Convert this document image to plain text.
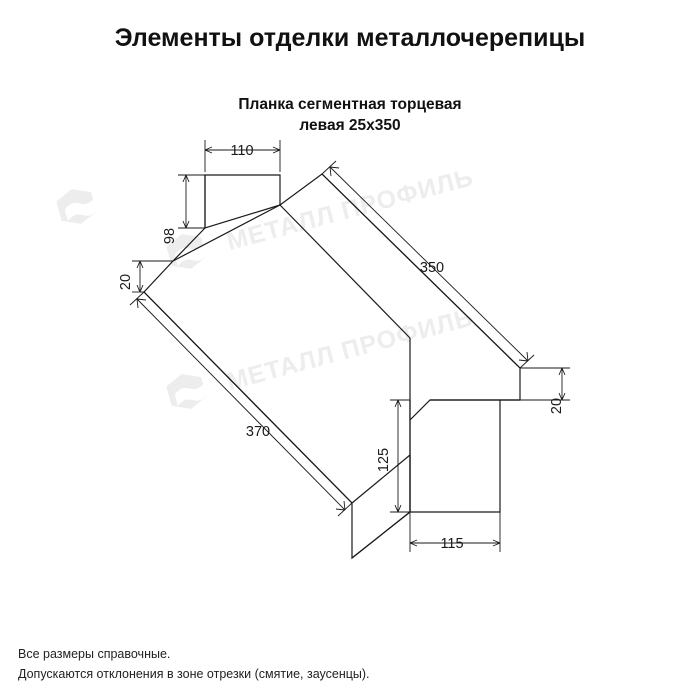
Элементы отделки металлочерепицы
Планка сегментная торцевая
левая 25х350
МЕТАЛЛ ПРОФИЛЬ
МЕТАЛЛ ПРОФИЛЬ
110
98
20
350
20
370
125
115
Все размеры справочные.
Допускаются отклонения в зоне отрезки (смятие, заусенцы).
